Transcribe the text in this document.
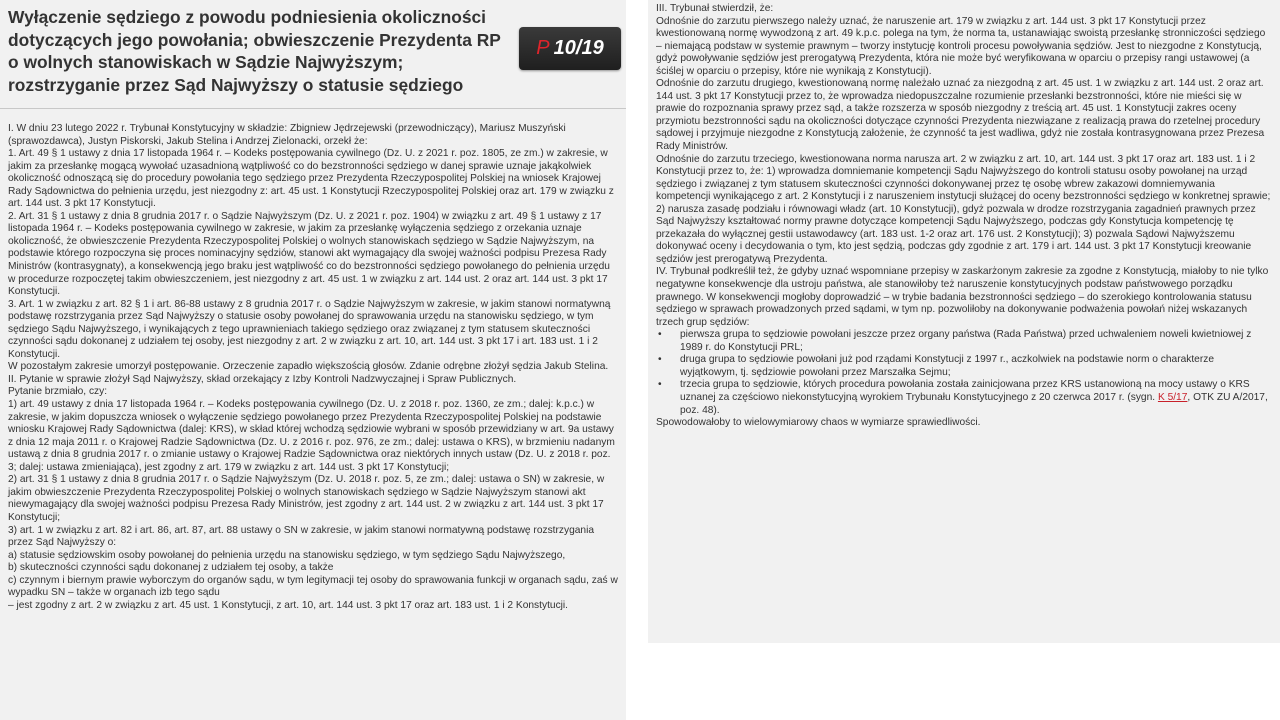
Wyłączenie sędziego z powodu podniesienia okoliczności dotyczących jego powołania; obwieszczenie Prezydenta RP o wolnych stanowiskach w Sądzie Najwyższym; rozstrzyganie przez Sąd Najwyższy o statusie sędziego
P 10/19

I. W dniu 23 lutego 2022 r. Trybunał Konstytucyjny w składzie: Zbigniew Jędrzejewski (przewodniczący), Mariusz Muszyński (sprawozdawca), Justyn Piskorski, Jakub Stelina i Andrzej Zielonacki, orzekł że:

1. Art. 49 § 1 ustawy z dnia 17 listopada 1964 r. – Kodeks postępowania cywilnego (Dz. U. z 2021 r. poz. 1805, ze zm.) w zakresie, w jakim za przesłankę mogącą wywołać uzasadnioną wątpliwość co do bezstronności sędziego w danej sprawie uznaje jakąkolwiek okoliczność odnoszącą się do procedury powołania tego sędziego przez Prezydenta Rzeczypospolitej Polskiej na wniosek Krajowej Rady Sądownictwa do pełnienia urzędu, jest niezgodny z: art. 45 ust. 1 Konstytucji Rzeczypospolitej Polskiej oraz art. 179 w związku z art. 144 ust. 3 pkt 17 Konstytucji.

2. Art. 31 § 1 ustawy z dnia 8 grudnia 2017 r. o Sądzie Najwyższym (Dz. U. z 2021 r. poz. 1904) w związku z art. 49 § 1 ustawy z 17 listopada 1964 r. – Kodeks postępowania cywilnego w zakresie, w jakim za przesłankę wyłączenia sędziego z orzekania uznaje okoliczność, że obwieszczenie Prezydenta Rzeczypospolitej Polskiej o wolnych stanowiskach sędziego w Sądzie Najwyższym, na podstawie którego rozpoczyna się proces nominacyjny sędziów, stanowi akt wymagający dla swojej ważności podpisu Prezesa Rady Ministrów (kontrasygnaty), a konsekwencją jego braku jest wątpliwość co do bezstronności sędziego powołanego do pełnienia urzędu w procedurze rozpoczętej takim obwieszczeniem, jest niezgodny z art. 45 ust. 1 w związku z art. 144 ust. 2 oraz art. 144 ust. 3 pkt 17 Konstytucji.

3. Art. 1 w związku z art. 82 § 1 i art. 86-88 ustawy z 8 grudnia 2017 r. o Sądzie Najwyższym w zakresie, w jakim stanowi normatywną podstawę rozstrzygania przez Sąd Najwyższy o statusie osoby powołanej do sprawowania urzędu na stanowisku sędziego, w tym sędziego Sądu Najwyższego, i wynikających z tego uprawnieniach takiego sędziego oraz związanej z tym statusem skuteczności czynności sądu dokonanej z udziałem tej osoby, jest niezgodny z art. 2 w związku z art. 10, art. 144 ust. 3 pkt 17 i art. 183 ust. 1 i 2 Konstytucji.

W pozostałym zakresie umorzył postępowanie. Orzeczenie zapadło większością głosów. Zdanie odrębne złożył sędzia Jakub Stelina.

II. Pytanie w sprawie złożył Sąd Najwyższy, skład orzekający z Izby Kontroli Nadzwyczajnej i Spraw Publicznych.

Pytanie brzmiało, czy:

1) art. 49 ustawy z dnia 17 listopada 1964 r. – Kodeks postępowania cywilnego (Dz. U. z 2018 r. poz. 1360, ze zm.; dalej: k.p.c.) w zakresie, w jakim dopuszcza wniosek o wyłączenie sędziego powołanego przez Prezydenta Rzeczypospolitej Polskiej na podstawie wniosku Krajowej Rady Sądownictwa (dalej: KRS), w skład której wchodzą sędziowie wybrani w sposób przewidziany w art. 9a ustawy z dnia 12 maja 2011 r. o Krajowej Radzie Sądownictwa (Dz. U. z 2016 r. poz. 976, ze zm.; dalej: ustawa o KRS), w brzmieniu nadanym ustawą z dnia 8 grudnia 2017 r. o zmianie ustawy o Krajowej Radzie Sądownictwa oraz niektórych innych ustaw (Dz. U. z 2018 r. poz. 3; dalej: ustawa zmieniająca), jest zgodny z art. 179 w związku z art. 144 ust. 3 pkt 17 Konstytucji;

2) art. 31 § 1 ustawy z dnia 8 grudnia 2017 r. o Sądzie Najwyższym (Dz. U. 2018 r. poz. 5, ze zm.; dalej: ustawa o SN) w zakresie, w jakim obwieszczenie Prezydenta Rzeczypospolitej Polskiej o wolnych stanowiskach sędziego w Sądzie Najwyższym stanowi akt niewymagający dla swojej ważności podpisu Prezesa Rady Ministrów, jest zgodny z art. 144 ust. 2 w związku z art. 144 ust. 3 pkt 17 Konstytucji;

3) art. 1 w związku z art. 82 i art. 86, art. 87, art. 88 ustawy o SN w zakresie, w jakim stanowi normatywną podstawę rozstrzygania przez Sąd Najwyższy o:

a) statusie sędziowskim osoby powołanej do pełnienia urzędu na stanowisku sędziego, w tym sędziego Sądu Najwyższego,

b) skuteczności czynności sądu dokonanej z udziałem tej osoby, a także

c) czynnym i biernym prawie wyborczym do organów sądu, w tym legitymacji tej osoby do sprawowania funkcji w organach sądu, zaś w wypadku SN – także w organach izb tego sądu

– jest zgodny z art. 2 w związku z art. 45 ust. 1 Konstytucji, z art. 10, art. 144 ust. 3 pkt 17 oraz art. 183 ust. 1 i 2 Konstytucji.

III. Trybunał stwierdził, że:

Odnośnie do zarzutu pierwszego należy uznać, że naruszenie art. 179 w związku z art. 144 ust. 3 pkt 17 Konstytucji przez kwestionowaną normę wywodzoną z art. 49 k.p.c. polega na tym, że norma ta, ustanawiając swoistą przesłankę stronniczości sędziego – niemającą podstaw w systemie prawnym – tworzy instytucję kontroli procesu powoływania sędziów. Jest to niezgodne z Konstytucją, gdyż powoływanie sędziów jest prerogatywą Prezydenta, która nie może być weryfikowana w oparciu o przepisy rangi ustawowej (a ściślej w oparciu o przepisy, które nie wynikają z Konstytucji).

Odnośnie do zarzutu drugiego, kwestionowaną normę należało uznać za niezgodną z art. 45 ust. 1 w związku z art. 144 ust. 2 oraz art. 144 ust. 3 pkt 17 Konstytucji przez to, że wprowadza niedopuszczalne rozumienie przesłanki bezstronności, które nie mieści się w prawie do rozpoznania sprawy przez sąd, a także rozszerza w sposób niezgodny z treścią art. 45 ust. 1 Konstytucji zakres oceny przymiotu bezstronności sądu na okoliczności dotyczące czynności Prezydenta niezwiązane z realizacją prawa do rzetelnej procedury sądowej i przyjmuje niezgodne z Konstytucją założenie, że czynność ta jest wadliwa, gdyż nie została kontrasygnowana przez Prezesa Rady Ministrów.

Odnośnie do zarzutu trzeciego, kwestionowana norma narusza art. 2 w związku z art. 10, art. 144 ust. 3 pkt 17 oraz art. 183 ust. 1 i 2 Konstytucji przez to, że: 1) wprowadza domniemanie kompetencji Sądu Najwyższego do kontroli statusu osoby powołanej na urząd sędziego i związanej z tym statusem skuteczności czynności dokonywanej przez tę osobę wbrew zakazowi domniemywania kompetencji wynikającego z art. 2 Konstytucji i z naruszeniem instytucji służącej do oceny bezstronności sędziego w konkretnej sprawie; 2) narusza zasadę podziału i równowagi władz (art. 10 Konstytucji), gdyż pozwala w drodze rozstrzygania zagadnień prawnych przez Sąd Najwyższy kształtować normy prawne dotyczące kompetencji Sądu Najwyższego, podczas gdy Konstytucja kompetencję tę przekazała do wyłącznej gestii ustawodawcy (art. 183 ust. 1-2 oraz art. 176 ust. 2 Konstytucji); 3) pozwala Sądowi Najwyższemu dokonywać oceny i decydowania o tym, kto jest sędzią, podczas gdy zgodnie z art. 179 i art. 144 ust. 3 pkt 17 Konstytucji kreowanie sędziów jest prerogatywą Prezydenta.

IV. Trybunał podkreślił też, że gdyby uznać wspomniane przepisy w zaskarżonym zakresie za zgodne z Konstytucją, miałoby to nie tylko negatywne konsekwencje dla ustroju państwa, ale stanowiłoby też naruszenie konstytucyjnych podstaw państwowego porządku prawnego. W konsekwencji mogłoby doprowadzić – w trybie badania bezstronności sędziego – do szerokiego kontrolowania statusu sędziego w sprawach prowadzonych przed sądami, w tym np. pozwoliłoby na dokonywanie podważenia powołań niżej wskazanych trzech grup sędziów:

•	pierwsza grupa to sędziowie powołani jeszcze przez organy państwa (Rada Państwa) przed uchwaleniem noweli kwietniowej z 1989 r. do Konstytucji PRL;
•	druga grupa to sędziowie powołani już pod rządami Konstytucji z 1997 r., aczkolwiek na podstawie norm o charakterze wyjątkowym, tj. sędziowie powołani przez Marszałka Sejmu;
•	trzecia grupa to sędziowie, których procedura powołania została zainicjowana przez KRS ustanowioną na mocy ustawy o KRS uznanej za częściowo niekonstytucyjną wyrokiem Trybunału Konstytucyjnego z 20 czerwca 2017 r. (sygn. K 5/17, OTK ZU A/2017, poz. 48).

Spowodowałoby to wielowymiarowy chaos w wymiarze sprawiedliwości.
